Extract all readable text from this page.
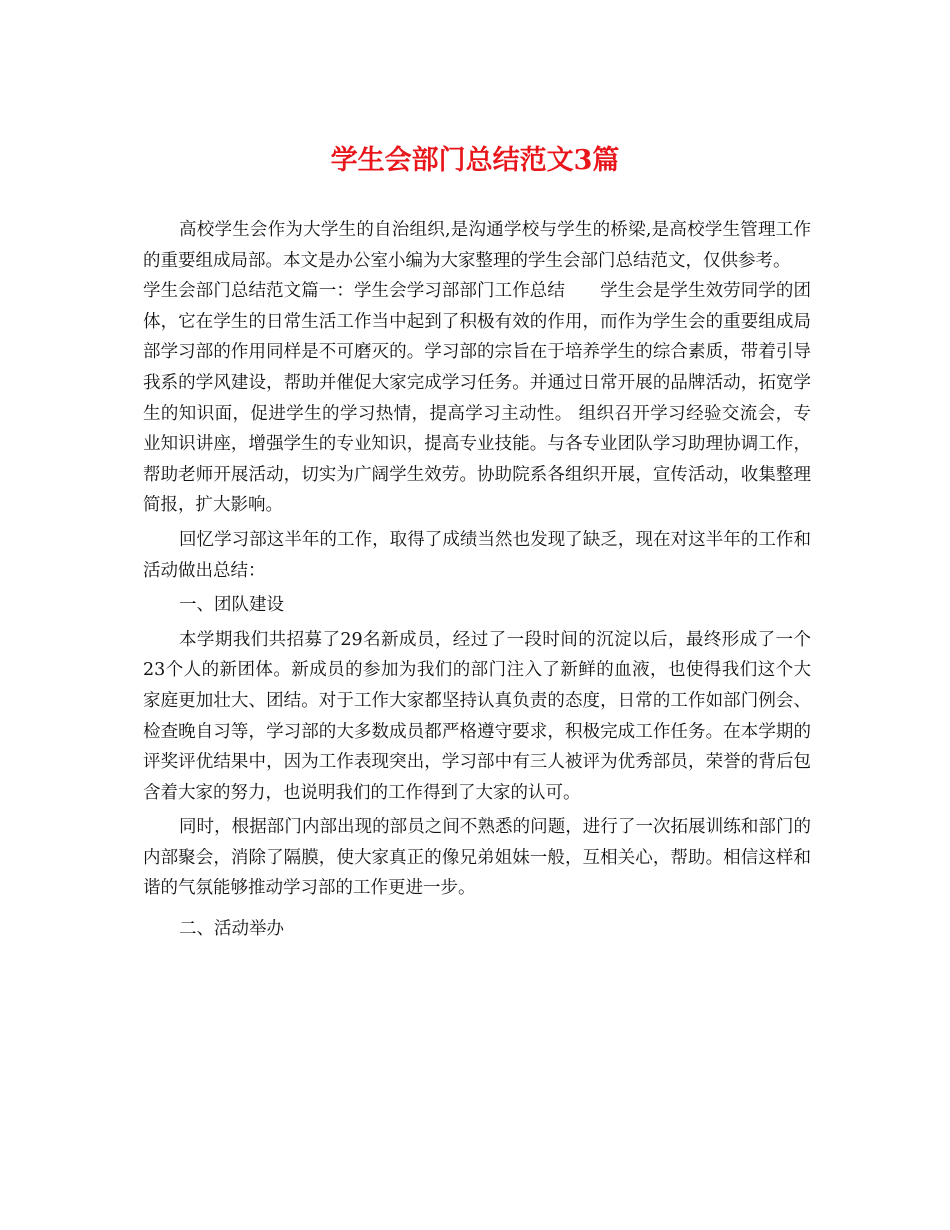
学生会部门总结范文3篇

高校学生会作为大学生的自治组织,是沟通学校与学生的桥梁,是高校学生管理工作的重要组成局部。本文是办公室小编为大家整理的学生会部门总结范文，仅供参考。

学生会部门总结范文篇一：学生会学习部部门工作总结　　学生会是学生效劳同学的团体，它在学生的日常生活工作当中起到了积极有效的作用，而作为学生会的重要组成局部学习部的作用同样是不可磨灭的。学习部的宗旨在于培养学生的综合素质，带着引导我系的学风建设，帮助并催促大家完成学习任务。并通过日常开展的品牌活动，拓宽学生的知识面，促进学生的学习热情，提高学习主动性。 组织召开学习经验交流会，专业知识讲座，增强学生的专业知识，提高专业技能。与各专业团队学习助理协调工作，帮助老师开展活动，切实为广阔学生效劳。协助院系各组织开展，宣传活动，收集整理简报，扩大影响。

回忆学习部这半年的工作，取得了成绩当然也发现了缺乏，现在对这半年的工作和活动做出总结：

一、团队建设

本学期我们共招募了29名新成员，经过了一段时间的沉淀以后，最终形成了一个23个人的新团体。新成员的参加为我们的部门注入了新鲜的血液，也使得我们这个大家庭更加壮大、团结。对于工作大家都坚持认真负责的态度，日常的工作如部门例会、检查晚自习等，学习部的大多数成员都严格遵守要求，积极完成工作任务。在本学期的评奖评优结果中，因为工作表现突出，学习部中有三人被评为优秀部员，荣誉的背后包含着大家的努力，也说明我们的工作得到了大家的认可。

同时，根据部门内部出现的部员之间不熟悉的问题，进行了一次拓展训练和部门的内部聚会，消除了隔膜，使大家真正的像兄弟姐妹一般，互相关心，帮助。相信这样和谐的气氛能够推动学习部的工作更进一步。

二、活动举办
